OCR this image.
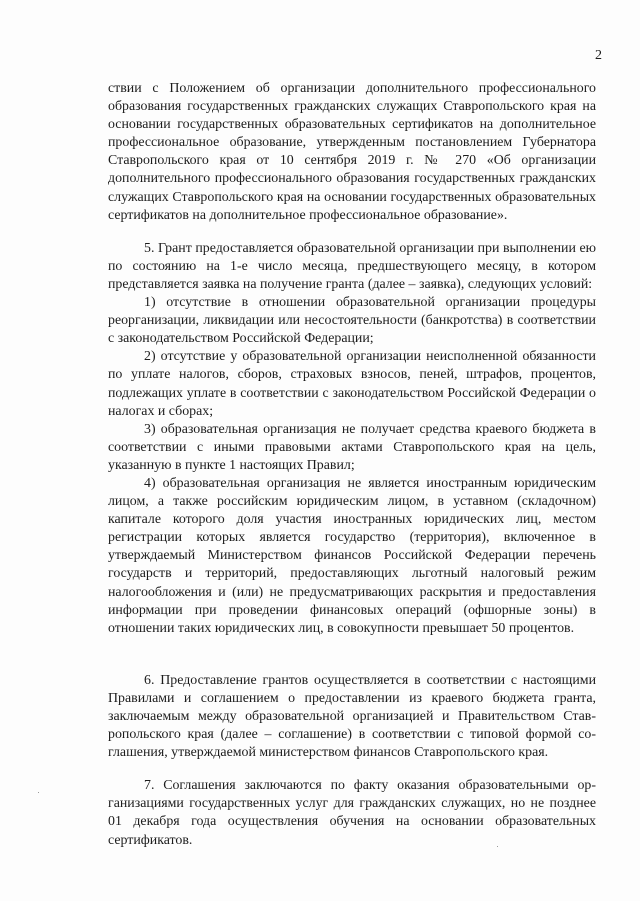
2

ствии с Положением об организации дополнительного профессионального образования государственных гражданских служащих Ставропольского края на основании государственных образовательных сертификатов на дополнительное профессиональное образование, утвержденным постановлением Губернатора Ставропольского края от 10 сентября 2019 г. № 270 «Об организации дополнительного профессионального образования государственных гражданских служащих Ставропольского края на основании государственных образовательных сертификатов на дополнительное профессиональное образование».

5. Грант предоставляется образовательной организации при выполнении ею по состоянию на 1-е число месяца, предшествующего месяцу, в котором представляется заявка на получение гранта (далее – заявка), следующих условий:

1) отсутствие в отношении образовательной организации процедуры реорганизации, ликвидации или несостоятельности (банкротства) в соответствии с законодательством Российской Федерации;

2) отсутствие у образовательной организации неисполненной обязанности по уплате налогов, сборов, страховых взносов, пеней, штрафов, процентов, подлежащих уплате в соответствии с законодательством Российской Федерации о налогах и сборах;

3) образовательная организация не получает средства краевого бюджета в соответствии с иными правовыми актами Ставропольского края на цель, указанную в пункте 1 настоящих Правил;

4) образовательная организация не является иностранным юридическим лицом, а также российским юридическим лицом, в уставном (складочном) капитале которого доля участия иностранных юридических лиц, местом регистрации которых является государство (территория), включенное в утверждаемый Министерством финансов Российской Федерации перечень государств и территорий, предоставляющих льготный налоговый режим налогообложения и (или) не предусматривающих раскрытия и предоставления информации при проведении финансовых операций (офшорные зоны) в отношении таких юридических лиц, в совокупности превышает 50 процентов.

6. Предоставление грантов осуществляется в соответствии с настоящими Правилами и соглашением о предоставлении из краевого бюджета гранта, заключаемым между образовательной организацией и Правительством Ставропольского края (далее – соглашение) в соответствии с типовой формой соглашения, утверждаемой министерством финансов Ставропольского края.

7. Соглашения заключаются по факту оказания образовательными организациями государственных услуг для гражданских служащих, но не позднее 01 декабря года осуществления обучения на основании образовательных сертификатов.
